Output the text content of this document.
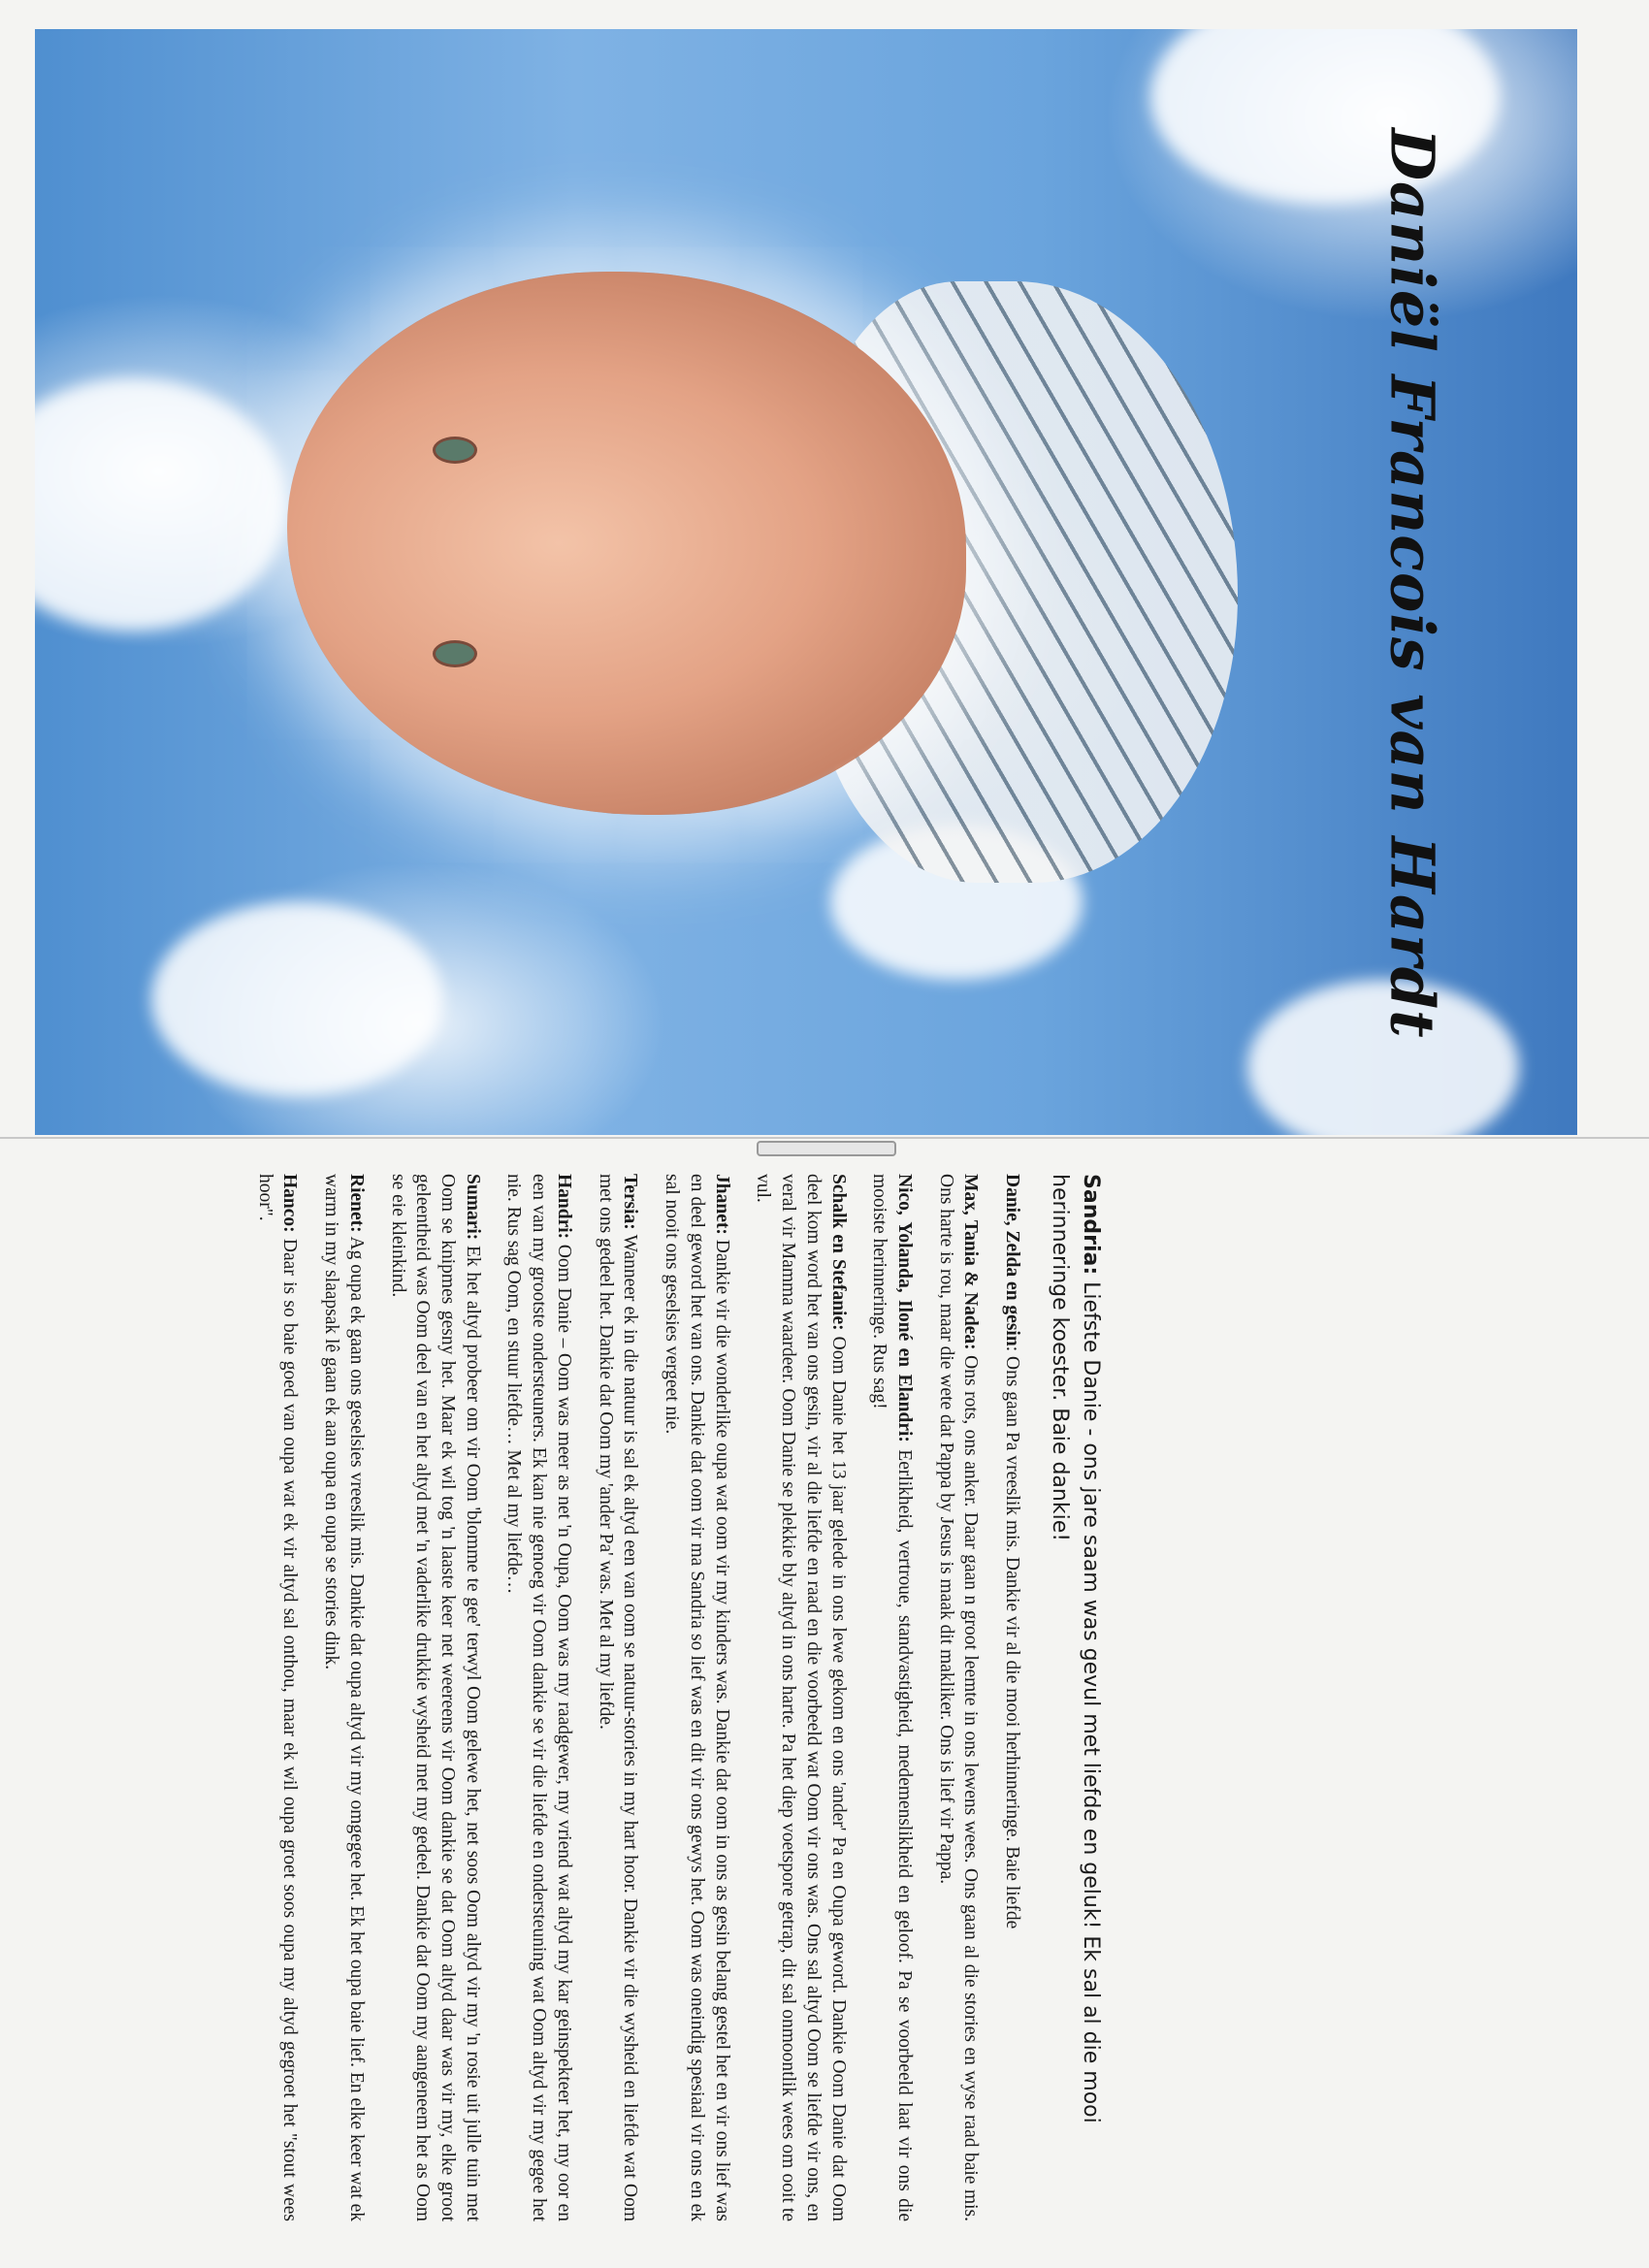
Daniël Francois van Hardt

Sandria: Liefste Danie - ons jare saam was gevul met liefde en geluk! Ek sal al die mooi herinneringe koester. Baie dankie!

Danie, Zelda en gesin: Ons gaan Pa vreeslik mis. Dankie vir al die mooi herhinneringe. Baie liefde

Max, Tania & Nadea: Ons rots, ons anker. Daar gaan n groot leemte in ons lewens wees. Ons gaan al die stories en wyse raad baie mis. Ons harte is rou, maar die wete dat Pappa by Jesus is maak dit makliker. Ons is lief vir Pappa.

Nico, Yolanda, Iloné en Elandri: Eerlikheid, vertroue, standvastigheid, medemenslikheid en geloof. Pa se voorbeeld laat vir ons die mooiste herinneringe. Rus sag!

Schalk en Stefanie: Oom Danie het 13 jaar gelede in ons lewe gekom en ons 'ander' Pa en Oupa geword. Dankie Oom Danie dat Oom deel kom word het van ons gesin, vir al die liefde en raad en die voorbeeld wat Oom vir ons was. Ons sal altyd Oom se liefde vir ons, en veral vir Mamma waardeer. Oom Danie se plekkie bly altyd in ons harte. Pa het diep voetspore getrap, dit sal onmoontlik wees om ooit te vul.

Jhanet: Dankie vir die wonderlike oupa wat oom vir my kinders was. Dankie dat oom in ons as gesin belang gestel het en vir ons lief was en deel geword het van ons. Dankie dat oom vir ma Sandria so lief was en dit vir ons gewys het. Oom was oneindig spesiaal vir ons en ek sal nooit ons geselsies vergeet nie.

Tersia: Wanneer ek in die natuur is sal ek altyd een van oom se natuur-stories in my hart hoor. Dankie vir die wysheid en liefde wat Oom met ons gedeel het. Dankie dat Oom my 'ander Pa' was. Met al my liefde.

Handri: Oom Danie – Oom was meer as net 'n Oupa, Oom was my raadgewer, my vriend wat altyd my kar geinspekteer het, my oor en een van my grootste ondersteuners. Ek kan nie genoeg vir Oom dankie se vir die liefde en ondersteuning wat Oom altyd vir my gegee het nie. Rus sag Oom, en stuur liefde… Met al my liefde…

Sumari: Ek het altyd probeer om vir Oom 'blomme te gee' terwyl Oom gelewe het, net soos Oom altyd vir my 'n rosie uit julle tuin met Oom se knipmes gesny het. Maar ek wil tog 'n laaste keer net weereens vir Oom dankie se dat Oom altyd daar was vir my, elke groot geleentheid was Oom deel van en het altyd met 'n vaderlike drukkie wysheid met my gedeel. Dankie dat Oom my aangeneem het as Oom se eie kleinkind.

Rienet: Ag oupa ek gaan ons geselsies vreeslik mis. Dankie dat oupa altyd vir my omgegee het. Ek het oupa baie lief. En elke keer wat ek warm in my slaapsak lê gaan ek aan oupa en oupa se stories dink.

Hanco: Daar is so baie goed van oupa wat ek vir altyd sal onthou, maar ek wil oupa groet soos oupa my altyd gegroet het "stout wees hoor".
